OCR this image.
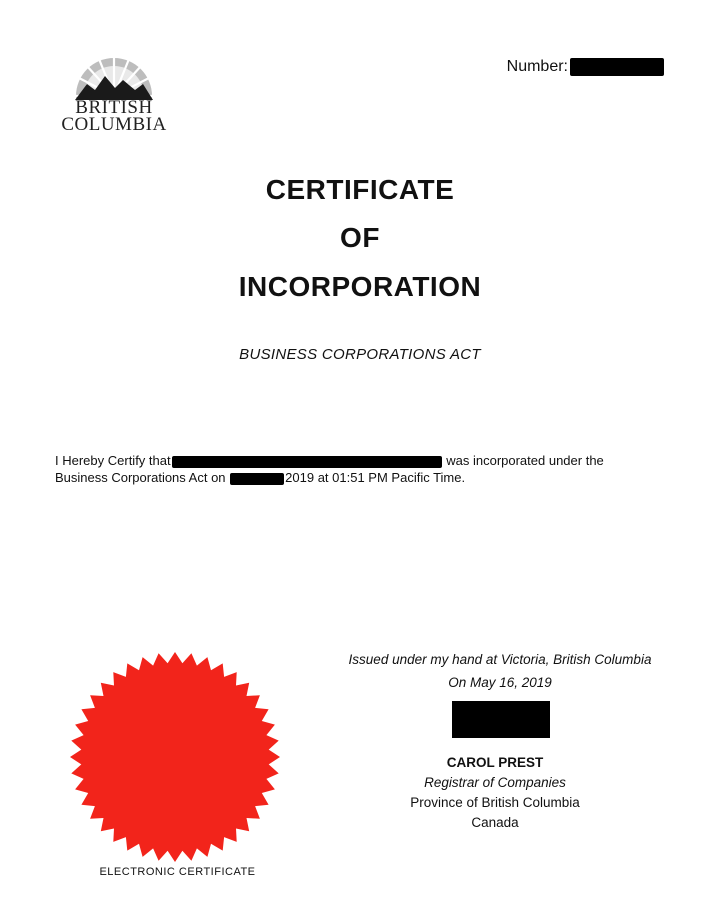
BRITISH
COLUMBIA
Number:
CERTIFICATE
OF
INCORPORATION
BUSINESS CORPORATIONS ACT
I Hereby Certify that	was incorporated under the
Business Corporations Act on	2019 at 01:51 PM Pacific Time.
Issued under my hand at Victoria, British Columbia
On May 16, 2019
CAROL PREST
Registrar of Companies
Province of British Columbia
Canada
ELECTRONIC CERTIFICATE
